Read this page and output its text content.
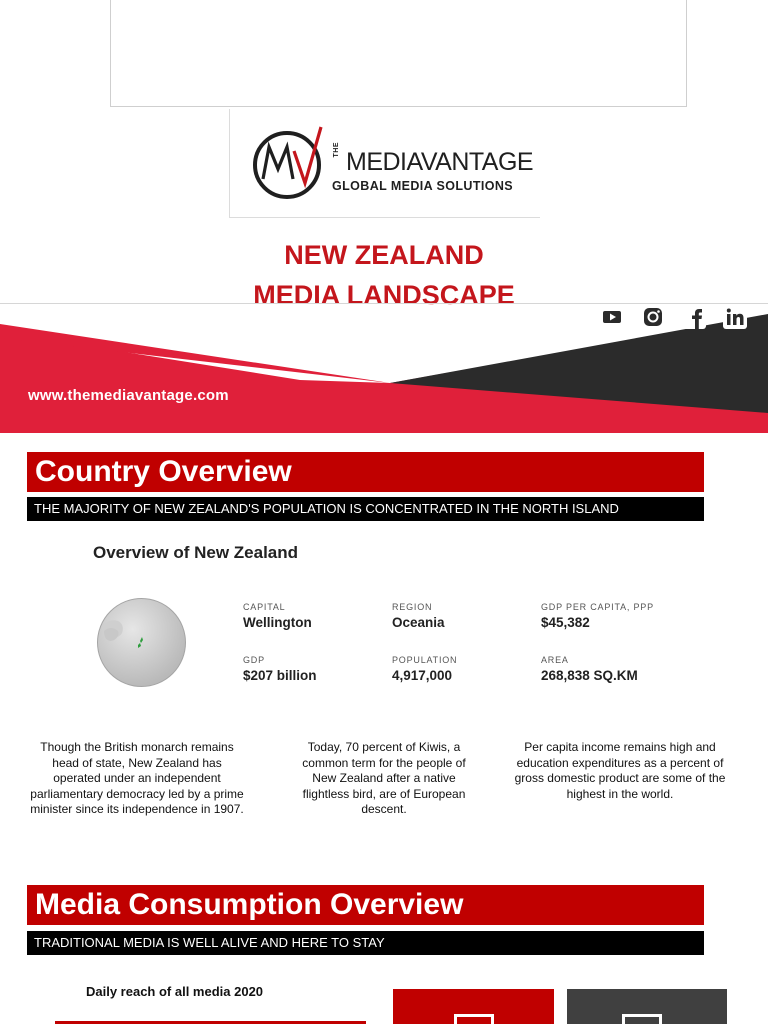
THE MEDIAVANTAGE
GLOBAL MEDIA SOLUTIONS
NEW ZEALAND
MEDIA LANDSCAPE
www.themediavantage.com
Country Overview
THE MAJORITY OF NEW ZEALAND'S POPULATION IS CONCENTRATED IN THE NORTH ISLAND
Overview of New Zealand
CAPITAL
Wellington
REGION
Oceania
GDP PER CAPITA, PPP
$45,382
GDP
$207 billion
POPULATION
4,917,000
AREA
268,838 SQ.KM
Though the British monarch remains head of state, New Zealand has operated under an independent parliamentary democracy led by a prime minister since its independence in 1907.
Today, 70 percent of Kiwis, a common term for the people of New Zealand after a native flightless bird, are of European descent.
Per capita income remains high and education expenditures as a percent of gross domestic product are some of the highest in the world.
Media Consumption Overview
TRADITIONAL MEDIA IS WELL ALIVE AND HERE TO STAY
Daily reach of all media 2020
